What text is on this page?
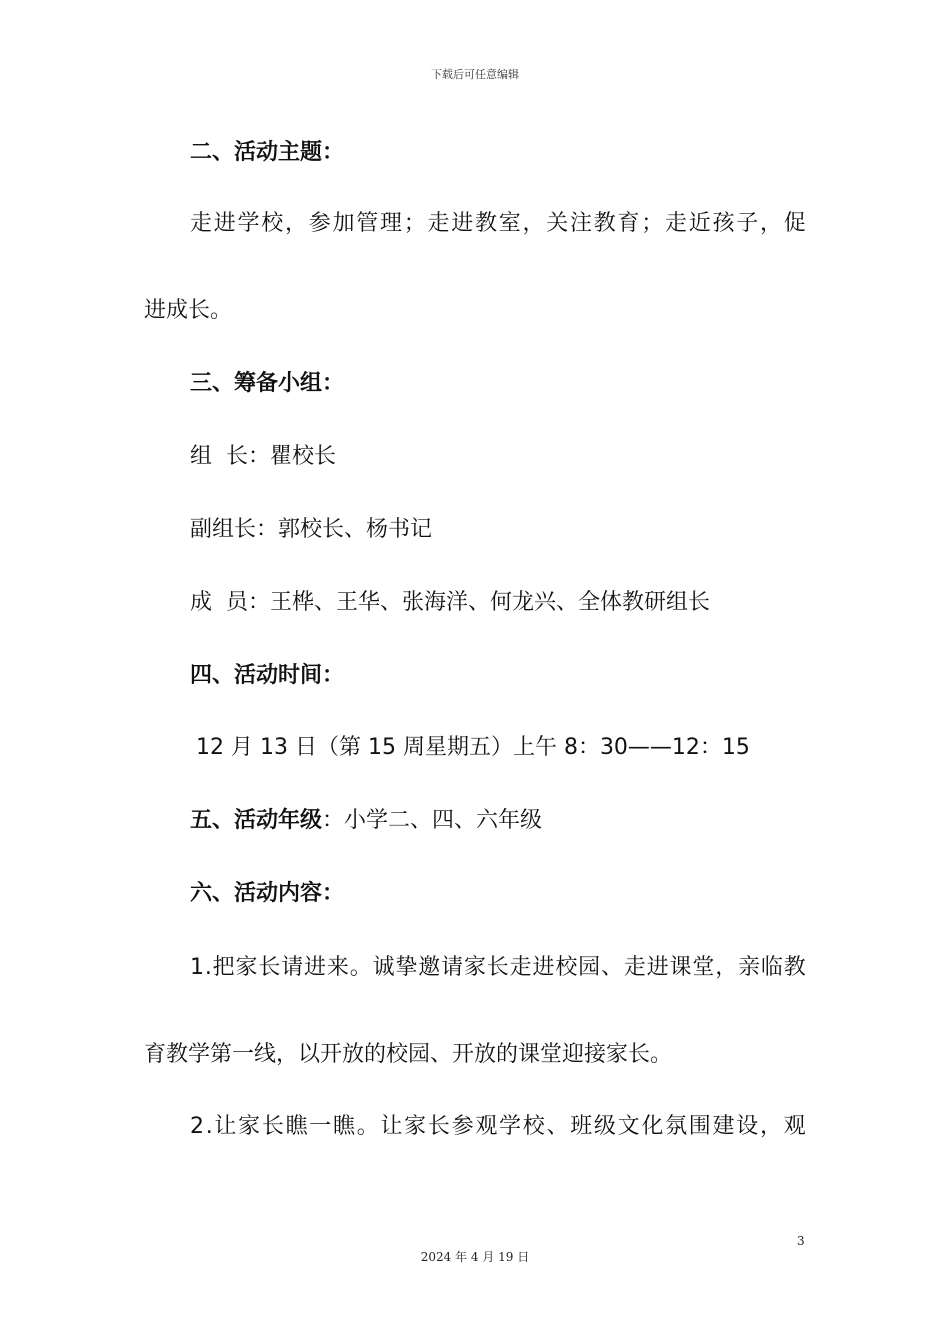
下载后可任意编辑
二、活动主题：
走 进 学 校 ， 参 加 管 理 ； 走 进 教 室 ， 关 注 教 育 ； 走 近 孩 子 ， 促
进成长。
三、筹备小组：
组  长：瞿校长
副组长：郭校长、杨书记
成  员：王桦、王华、张海洋、何龙兴、全体教研组长
四、活动时间：
12 月 13 日（第 15 周星期五）上午 8：30——12：15
五、活动年级：小学二、四、六年级
六、活动内容：
1 . 把 家 长 请 进 来 。 诚 挚 邀 请 家 长 走 进 校 园 、 走 进 课 堂 ， 亲 临 教
育教学第一线，以开放的校园、开放的课堂迎接家长。
2 . 让 家 长 瞧 一 瞧 。 让 家 长 参 观 学 校 、 班 级 文 化 氛 围 建 设 ， 观
3
2024 年 4 月 19 日
